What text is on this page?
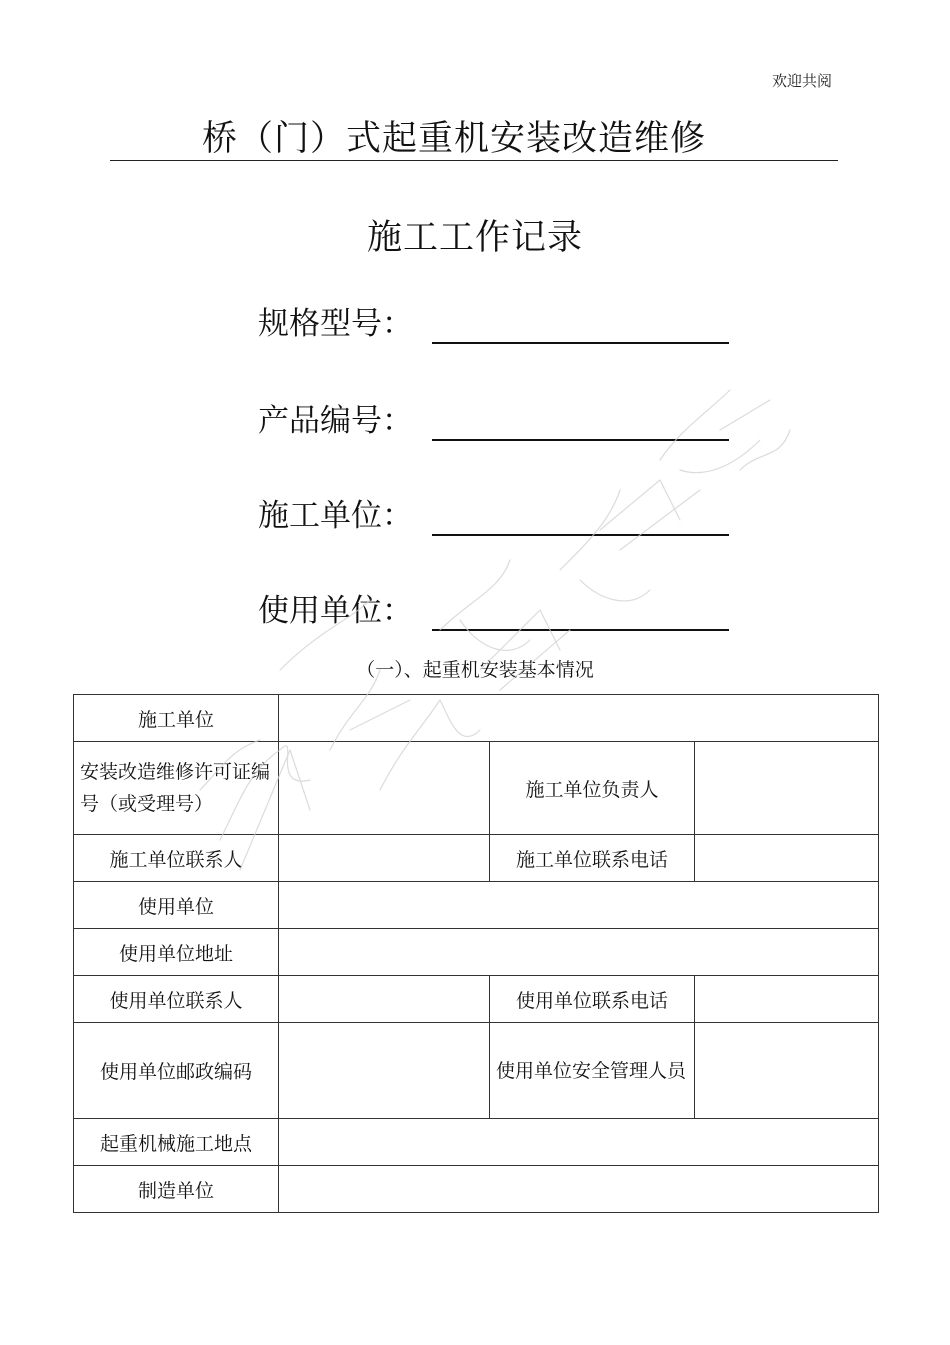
欢迎共阅
桥（门）式起重机安装改造维修
施工工作记录
规格型号：
产品编号：
施工单位：
使用单位：
（一）、起重机安装基本情况
施工单位			
安装改造维修许可证编号（或受理号）		施工单位负责人	
施工单位联系人		施工单位联系电话	
使用单位			
使用单位地址			
使用单位联系人		使用单位联系电话	
使用单位邮政编码		使用单位安全管理人员	
起重机械施工地点			
制造单位			
